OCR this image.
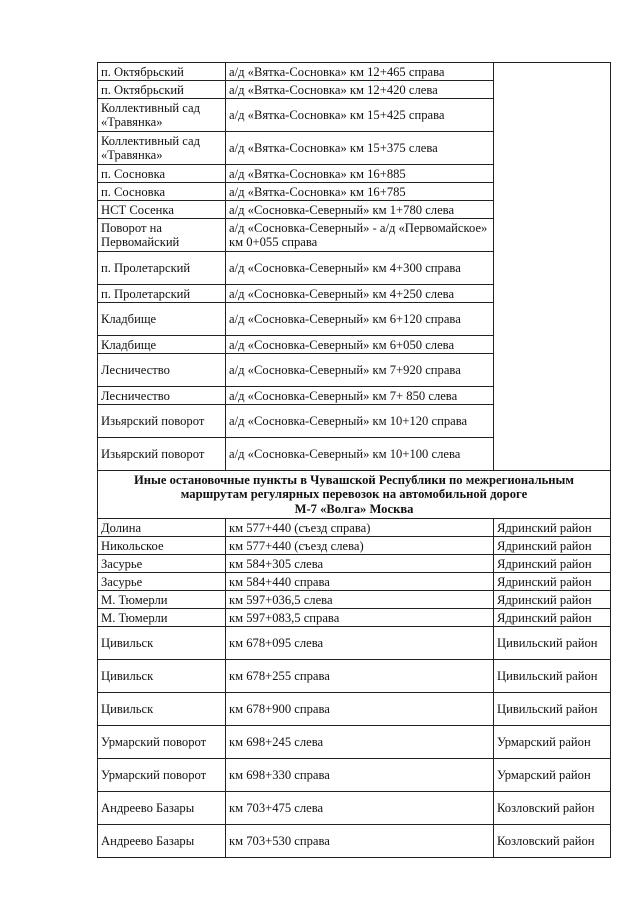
п. Октябрьский	а/д «Вятка-Сосновка» км 12+465 справа	
п. Октябрьский	а/д «Вятка-Сосновка» км 12+420 слева	
Коллективный сад «Травянка»	а/д «Вятка-Сосновка» км 15+425 справа	
Коллективный сад «Травянка»	а/д «Вятка-Сосновка» км 15+375 слева	
п. Сосновка	а/д «Вятка-Сосновка» км 16+885	
п. Сосновка	а/д «Вятка-Сосновка» км 16+785	
НСТ Сосенка	а/д «Сосновка-Северный» км 1+780 слева	
Поворот на Первомайский	а/д «Сосновка-Северный» - а/д «Первомайское» км 0+055 справа	
п. Пролетарский	а/д «Сосновка-Северный» км 4+300 справа	
п. Пролетарский	а/д «Сосновка-Северный» км 4+250 слева	
Кладбище	а/д «Сосновка-Северный» км 6+120 справа	
Кладбище	а/д «Сосновка-Северный» км 6+050 слева	
Лесничество	а/д «Сосновка-Северный» км 7+920 справа	
Лесничество	а/д «Сосновка-Северный» км 7+ 850 слева	
Изьярский поворот	а/д «Сосновка-Северный» км 10+120 справа	
Изьярский поворот	а/д «Сосновка-Северный» км 10+100 слева	

Иные остановочные пункты в Чувашской Республики по межрегиональным
маршрутам регулярных перевозок на автомобильной дороге
М-7 «Волга» Москва		

Долина	км 577+440 (съезд справа)	Ядринский район
Никольское	км 577+440 (съезд слева)	Ядринский район
Засурье	км 584+305 слева	Ядринский район
Засурье	км 584+440 справа	Ядринский район
М. Тюмерли	км 597+036,5 слева	Ядринский район
М. Тюмерли	км 597+083,5 справа	Ядринский район
Цивильск	км 678+095 слева	Цивильский район
Цивильск	км 678+255 справа	Цивильский район
Цивильск	км 678+900 справа	Цивильский район
Урмарский поворот	км 698+245 слева	Урмарский район
Урмарский поворот	км 698+330 справа	Урмарский район
Андреево Базары	км 703+475 слева	Козловский район
Андреево Базары	км 703+530 справа	Козловский район
